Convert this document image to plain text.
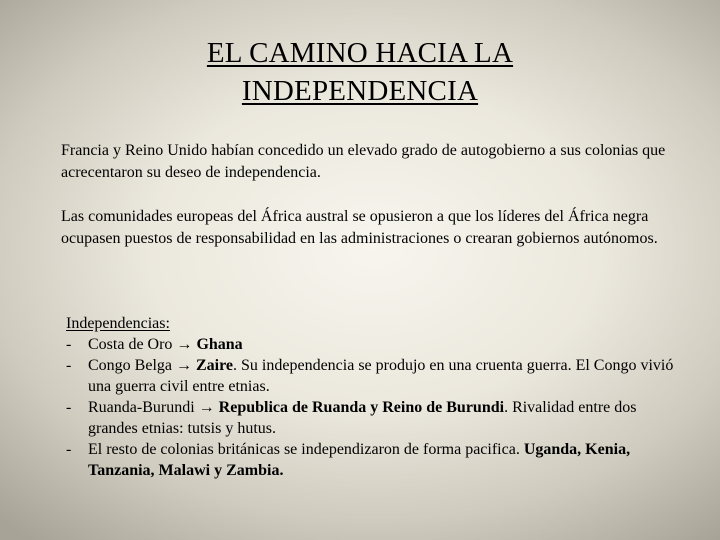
EL CAMINO HACIA LA
INDEPENDENCIA

Francia y Reino Unido habían concedido un elevado grado de autogobierno a sus colonias que acrecentaron su deseo de independencia.

Las comunidades europeas del África austral se opusieron a que los líderes del África negra ocupasen puestos de responsabilidad en las administraciones o crearan gobiernos autónomos.

Independencias:
- Costa de Oro → Ghana
- Congo Belga → Zaire. Su independencia se produjo en una cruenta guerra. El Congo vivió una guerra civil entre etnias.
- Ruanda-Burundi → Republica de Ruanda y Reino de Burundi. Rivalidad entre dos grandes etnias: tutsis y hutus.
- El resto de colonias británicas se independizaron de forma pacifica. Uganda, Kenia, Tanzania, Malawi y Zambia.
